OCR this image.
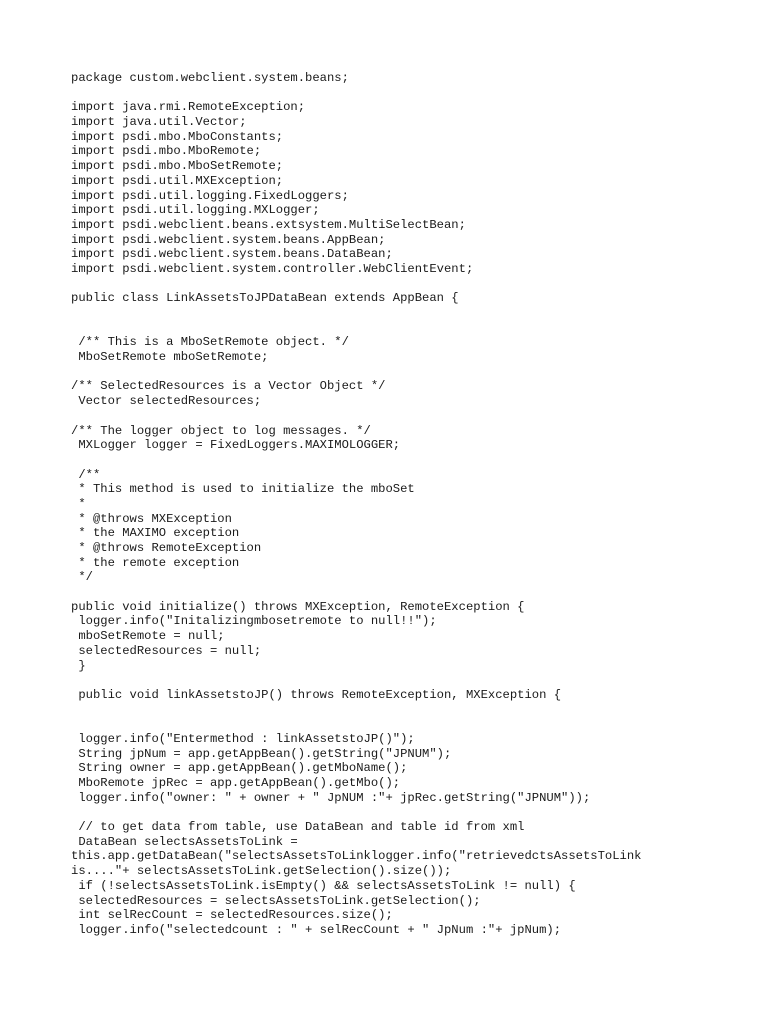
package custom.webclient.system.beans;
import java.rmi.RemoteException;
import java.util.Vector;
import psdi.mbo.MboConstants;
import psdi.mbo.MboRemote;
import psdi.mbo.MboSetRemote;
import psdi.util.MXException;
import psdi.util.logging.FixedLoggers;
import psdi.util.logging.MXLogger;
import psdi.webclient.beans.extsystem.MultiSelectBean;
import psdi.webclient.system.beans.AppBean;
import psdi.webclient.system.beans.DataBean;
import psdi.webclient.system.controller.WebClientEvent;
public class LinkAssetsToJPDataBean extends AppBean {
/** This is a MboSetRemote object. */
MboSetRemote mboSetRemote;
/** SelectedResources is a Vector Object */
Vector selectedResources;
/** The logger object to log messages. */
MXLogger logger = FixedLoggers.MAXIMOLOGGER;
/**
* This method is used to initialize the mboSet
*
* @throws MXException
* the MAXIMO exception
* @throws RemoteException
* the remote exception
*/
public void initialize() throws MXException, RemoteException {
logger.info("Initalizingmbosetremote to null!!");
mboSetRemote = null;
selectedResources = null;
}
public void linkAssetstoJP() throws RemoteException, MXException {
logger.info("Entermethod : linkAssetstoJP()");
String jpNum = app.getAppBean().getString("JPNUM");
String owner = app.getAppBean().getMboName();
MboRemote jpRec = app.getAppBean().getMbo();
logger.info("owner: " + owner + " JpNUM :"+ jpRec.getString("JPNUM"));
// to get data from table, use DataBean and table id from xml
DataBean selectsAssetsToLink =
this.app.getDataBean("selectsAssetsToLinklogger.info("retrievedctsAssetsToLink
is...."+ selectsAssetsToLink.getSelection().size());
if (!selectsAssetsToLink.isEmpty() && selectsAssetsToLink != null) {
selectedResources = selectsAssetsToLink.getSelection();
int selRecCount = selectedResources.size();
logger.info("selectedcount : " + selRecCount + " JpNum :"+ jpNum);
